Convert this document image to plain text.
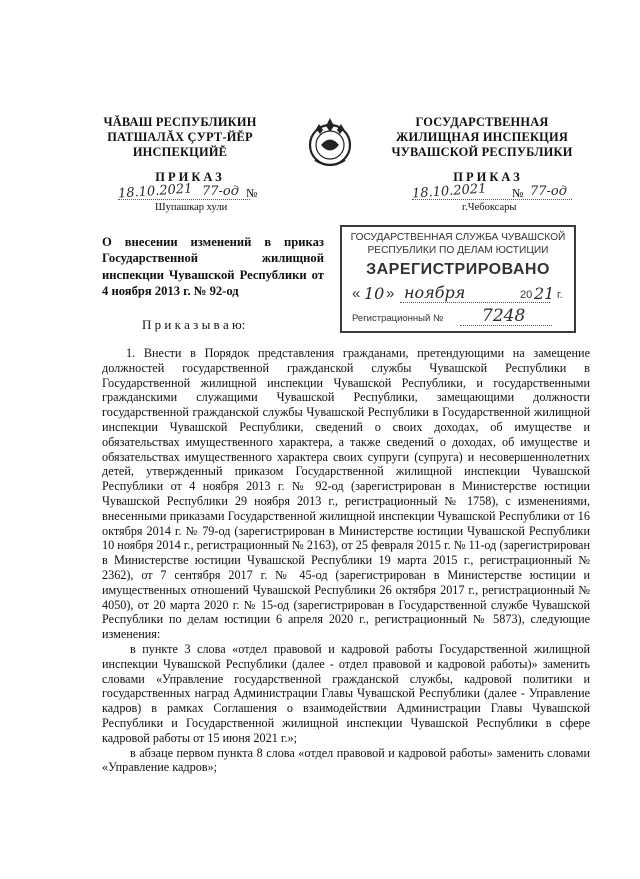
ЧĂВАШ РЕСПУБЛИКИН
ПАТШАЛĂХ ÇУРТ-ЙĔР
ИНСПЕКЦИЙĔ
ГОСУДАРСТВЕННАЯ
ЖИЛИЩНАЯ ИНСПЕКЦИЯ
ЧУВАШСКОЙ РЕСПУБЛИКИ
ПРИКАЗ
18.10.2021 77-од №
Шупашкар хули
ПРИКАЗ
18.10.2021 № 77-од
г.Чебоксары
О внесении изменений в приказ Государственной жилищной инспекции Чувашской Республики от 4 ноября 2013 г. № 92-од
ГОСУДАРСТВЕННАЯ СЛУЖБА ЧУВАШСКОЙ
РЕСПУБЛИКИ ПО ДЕЛАМ ЮСТИЦИИ
ЗАРЕГИСТРИРОВАНО
« 10 » ноября	20 21 г.
Регистрационный № 7248
П р и к а з ы в а ю:

1. Внести в Порядок представления гражданами, претендующими на замещение должностей государственной гражданской службы Чувашской Республики в Государственной жилищной инспекции Чувашской Республики, и государственными гражданскими служащими Чувашской Республики, замещающими должности государственной гражданской службы Чувашской Республики в Государственной жилищной инспекции Чувашской Республики, сведений о своих доходах, об имуществе и обязательствах имущественного характера, а также сведений о доходах, об имуществе и обязательствах имущественного характера своих супруги (супруга) и несовершеннолетних детей, утвержденный приказом Государственной жилищной инспекции Чувашской Республики от 4 ноября 2013 г. № 92-од (зарегистрирован в Министерстве юстиции Чувашской Республики 29 ноября 2013 г., регистрационный № 1758), с изменениями, внесенными приказами Государственной жилищной инспекции Чувашской Республики от 16 октября 2014 г. № 79-од (зарегистрирован в Министерстве юстиции Чувашской Республики 10 ноября 2014 г., регистрационный № 2163), от 25 февраля 2015 г. № 11-од (зарегистрирован в Министерстве юстиции Чувашской Республики 19 марта 2015 г., регистрационный № 2362), от 7 сентября 2017 г. № 45-од (зарегистрирован в Министерстве юстиции и имущественных отношений Чувашской Республики 26 октября 2017 г., регистрационный № 4050), от 20 марта 2020 г. № 15-од (зарегистрирован в Государственной службе Чувашской Республики по делам юстиции 6 апреля 2020 г., регистрационный № 5873), следующие изменения:

в пункте 3 слова «отдел правовой и кадровой работы Государственной жилищной инспекции Чувашской Республики (далее - отдел правовой и кадровой работы)» заменить словами «Управление государственной гражданской службы, кадровой политики и государственных наград Администрации Главы Чувашской Республики (далее - Управление кадров) в рамках Соглашения о взаимодействии Администрации Главы Чувашской Республики и Государственной жилищной инспекции Чувашской Республики в сфере кадровой работы от 15 июня 2021 г.»;

в абзаце первом пункта 8 слова «отдел правовой и кадровой работы» заменить словами «Управление кадров»;
